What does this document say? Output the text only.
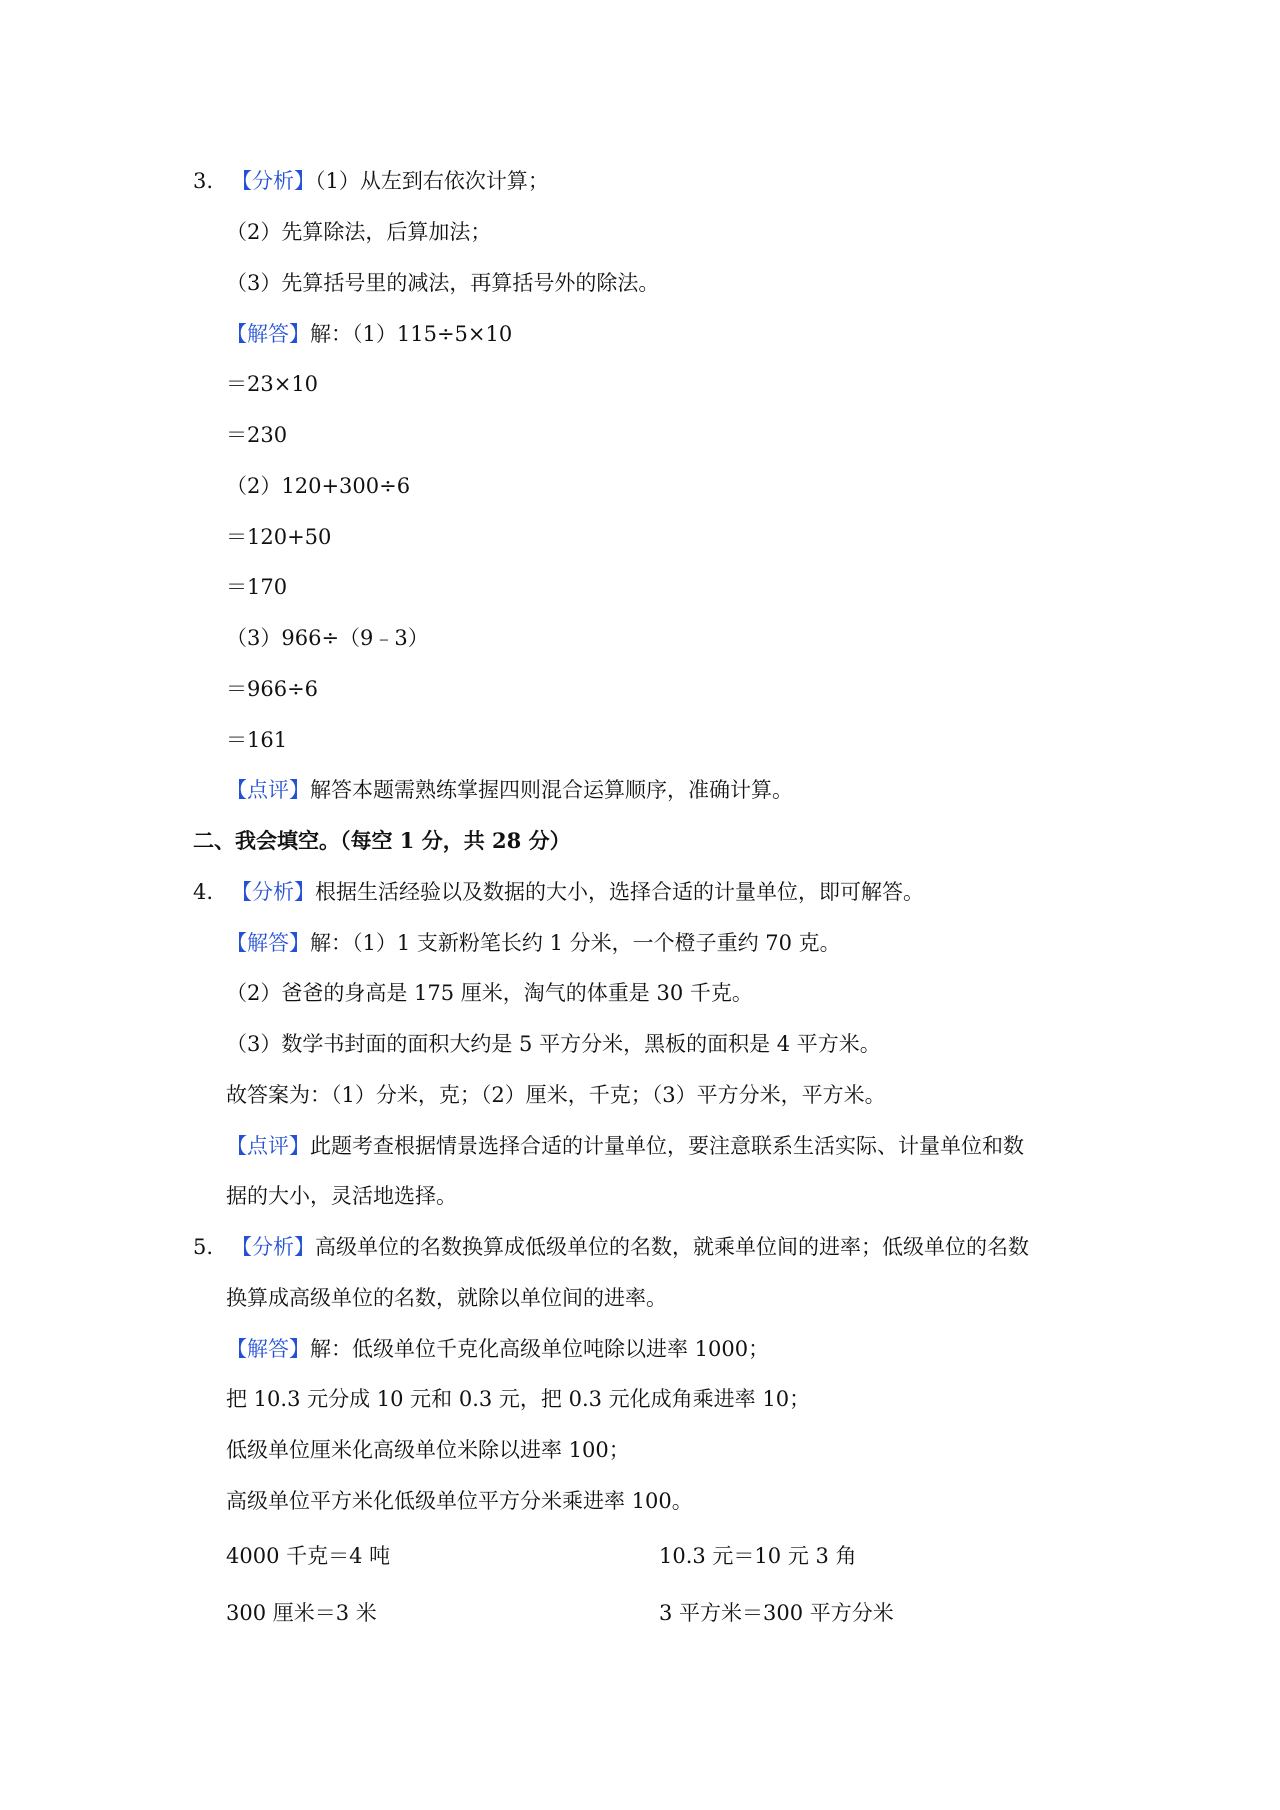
3. 【分析】（1）从左到右依次计算；
（2）先算除法，后算加法；
（3）先算括号里的减法，再算括号外的除法。
【解答】解：（1）115÷5×10
＝23×10
＝230
（2）120+300÷6
＝120+50
＝170
（3）966÷（9﹣3）
＝966÷6
＝161
【点评】解答本题需熟练掌握四则混合运算顺序，准确计算。
二、我会填空。（每空 1 分，共 28 分）
4. 【分析】根据生活经验以及数据的大小，选择合适的计量单位，即可解答。
【解答】解：（1）1 支新粉笔长约 1 分米，一个橙子重约 70 克。
（2）爸爸的身高是 175 厘米，淘气的体重是 30 千克。
（3）数学书封面的面积大约是 5 平方分米，黑板的面积是 4 平方米。
故答案为：（1）分米，克；（2）厘米，千克；（3）平方分米，平方米。
【点评】此题考查根据情景选择合适的计量单位，要注意联系生活实际、计量单位和数
据的大小，灵活地选择。
5. 【分析】高级单位的名数换算成低级单位的名数，就乘单位间的进率；低级单位的名数
换算成高级单位的名数，就除以单位间的进率。
【解答】解：低级单位千克化高级单位吨除以进率 1000；
把 10.3 元分成 10 元和 0.3 元，把 0.3 元化成角乘进率 10；
低级单位厘米化高级单位米除以进率 100；
高级单位平方米化低级单位平方分米乘进率 100。
4000 千克＝4 吨	10.3 元＝10 元 3 角
300 厘米＝3 米	3 平方米＝300 平方分米
